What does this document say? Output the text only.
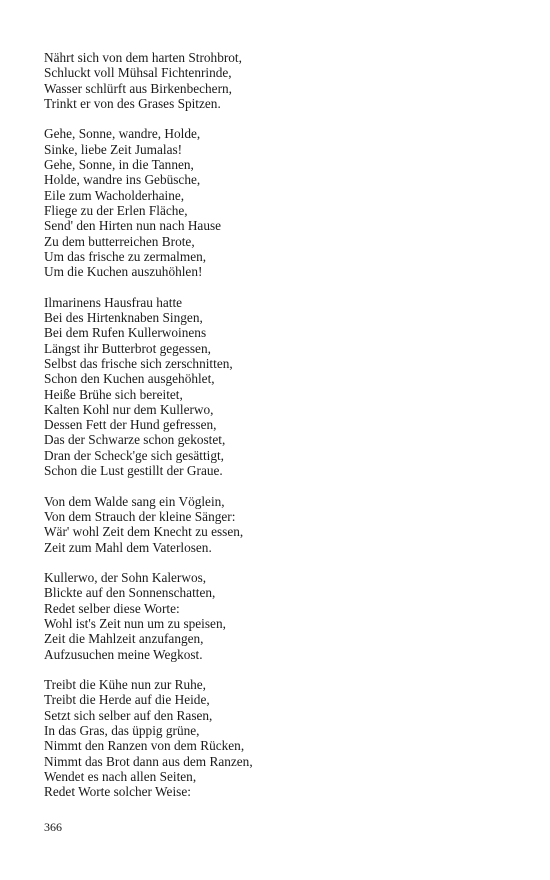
Nährt sich von dem harten Strohbrot,
Schluckt voll Mühsal Fichtenrinde,
Wasser schlürft aus Birkenbechern,
Trinkt er von des Grases Spitzen.
Gehe, Sonne, wandre, Holde,
Sinke, liebe Zeit Jumalas!
Gehe, Sonne, in die Tannen,
Holde, wandre ins Gebüsche,
Eile zum Wacholderhaine,
Fliege zu der Erlen Fläche,
Send' den Hirten nun nach Hause
Zu dem butterreichen Brote,
Um das frische zu zermalmen,
Um die Kuchen auszuhöhlen!
Ilmarinens Hausfrau hatte
Bei des Hirtenknaben Singen,
Bei dem Rufen Kullerwoinens
Längst ihr Butterbrot gegessen,
Selbst das frische sich zerschnitten,
Schon den Kuchen ausgehöhlet,
Heiße Brühe sich bereitet,
Kalten Kohl nur dem Kullerwo,
Dessen Fett der Hund gefressen,
Das der Schwarze schon gekostet,
Dran der Scheck'ge sich gesättigt,
Schon die Lust gestillt der Graue.
Von dem Walde sang ein Vöglein,
Von dem Strauch der kleine Sänger:
Wär' wohl Zeit dem Knecht zu essen,
Zeit zum Mahl dem Vaterlosen.
Kullerwo, der Sohn Kalerwos,
Blickte auf den Sonnenschatten,
Redet selber diese Worte:
Wohl ist's Zeit nun um zu speisen,
Zeit die Mahlzeit anzufangen,
Aufzusuchen meine Wegkost.
Treibt die Kühe nun zur Ruhe,
Treibt die Herde auf die Heide,
Setzt sich selber auf den Rasen,
In das Gras, das üppig grüne,
Nimmt den Ranzen von dem Rücken,
Nimmt das Brot dann aus dem Ranzen,
Wendet es nach allen Seiten,
Redet Worte solcher Weise:
366
